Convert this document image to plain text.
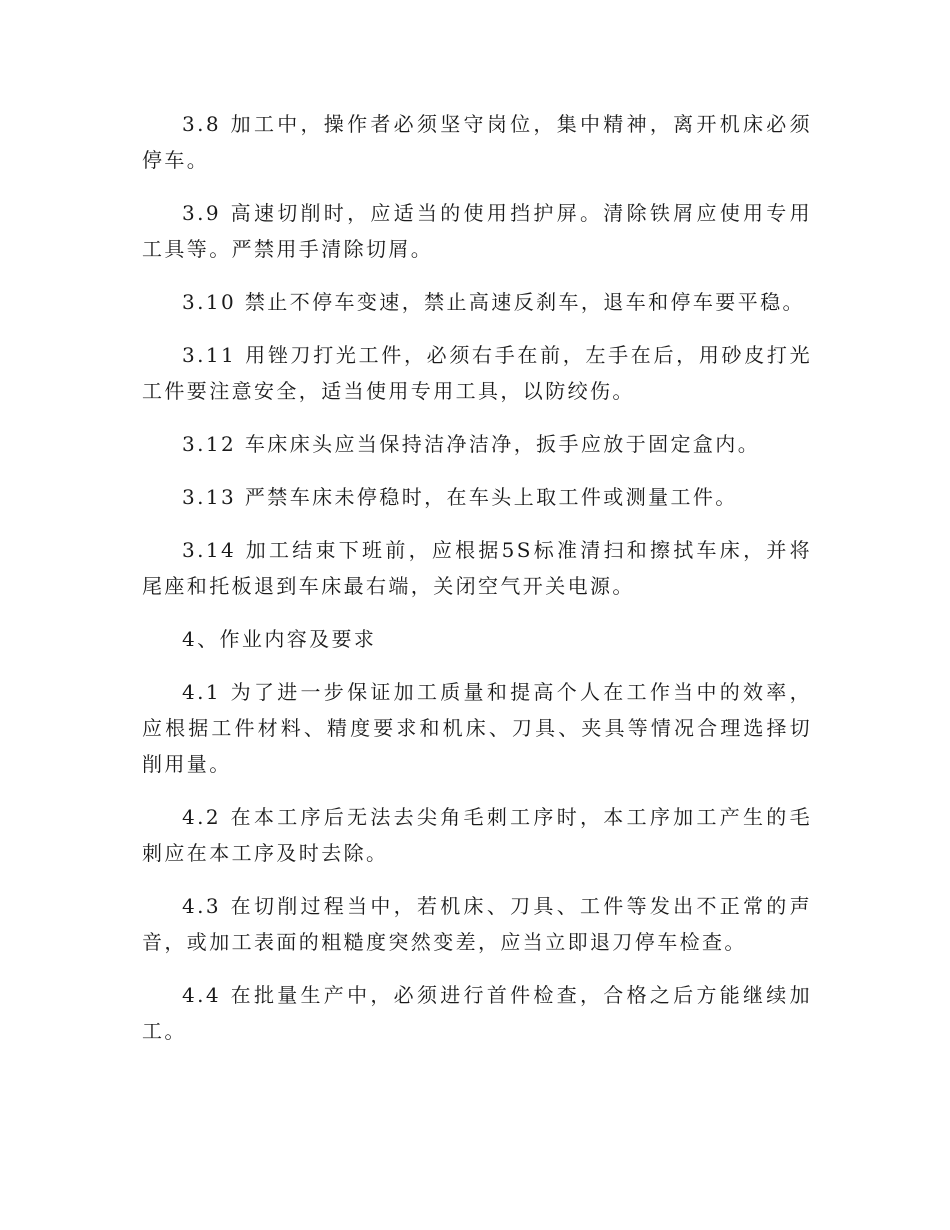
3.8 加工中，操作者必须坚守岗位，集中精神，离开机床必须停车。

3.9 高速切削时，应适当的使用挡护屏。清除铁屑应使用专用工具等。严禁用手清除切屑。

3.10 禁止不停车变速，禁止高速反刹车，退车和停车要平稳。

3.11 用锉刀打光工件，必须右手在前，左手在后，用砂皮打光工件要注意安全，适当使用专用工具，以防绞伤。

3.12 车床床头应当保持洁净洁净，扳手应放于固定盒内。

3.13 严禁车床未停稳时，在车头上取工件或测量工件。

3.14 加工结束下班前，应根据5S标准清扫和擦拭车床，并将尾座和托板退到车床最右端，关闭空气开关电源。

4、作业内容及要求

4.1 为了进一步保证加工质量和提高个人在工作当中的效率，应根据工件材料、精度要求和机床、刀具、夹具等情况合理选择切削用量。

4.2 在本工序后无法去尖角毛刺工序时，本工序加工产生的毛刺应在本工序及时去除。

4.3 在切削过程当中，若机床、刀具、工件等发出不正常的声音，或加工表面的粗糙度突然变差，应当立即退刀停车检查。

4.4 在批量生产中，必须进行首件检查，合格之后方能继续加工。
